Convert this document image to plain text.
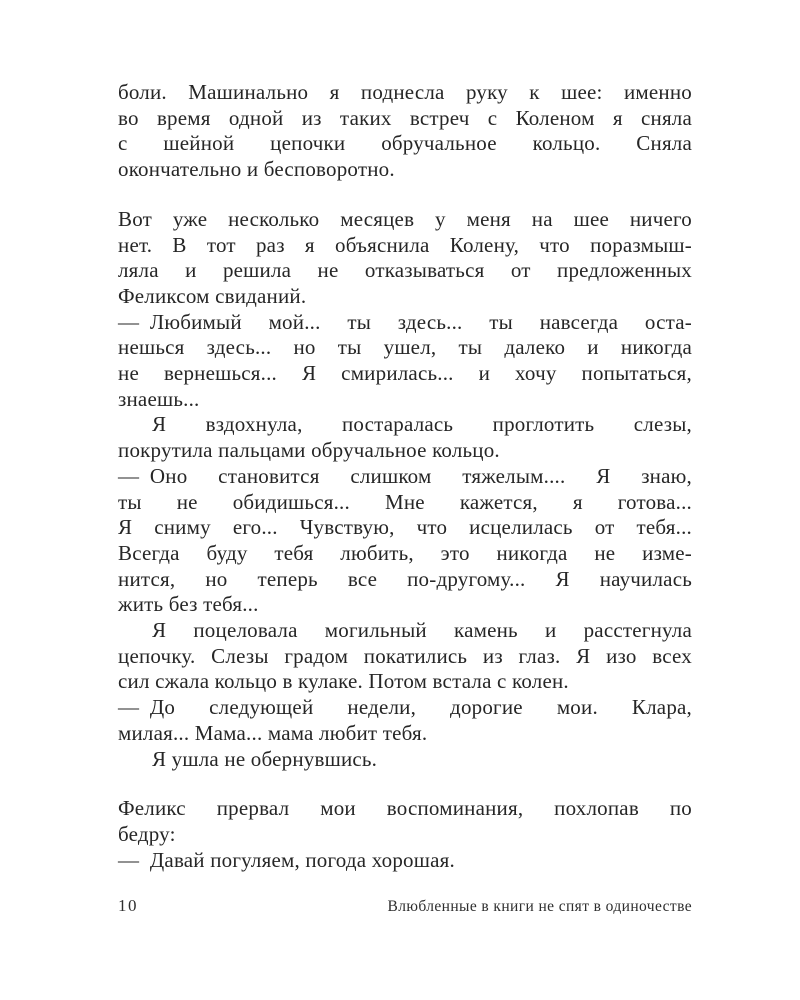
боли. Машинально я поднесла руку к шее: именно
во время одной из таких встреч с Коленом я сняла
с шейной цепочки обручальное кольцо. Сняла
окончательно и бесповоротно.
Вот уже несколько месяцев у меня на шее ничего
нет. В тот раз я объяснила Колену, что поразмыш-
ляла и решила не отказываться от предложенных
Феликсом свиданий.
— Любимый мой... ты здесь... ты навсегда оста-
нешься здесь... но ты ушел, ты далеко и никогда
не вернешься... Я смирилась... и хочу попытаться,
знаешь...
Я вздохнула, постаралась проглотить слезы,
покрутила пальцами обручальное кольцо.
— Оно становится слишком тяжелым.... Я знаю,
ты не обидишься... Мне кажется, я готова...
Я сниму его... Чувствую, что исцелилась от тебя...
Всегда буду тебя любить, это никогда не изме-
нится, но теперь все по-другому... Я научилась
жить без тебя...
Я поцеловала могильный камень и расстегнула
цепочку. Слезы градом покатились из глаз. Я изо всех
сил сжала кольцо в кулаке. Потом встала с колен.
— До следующей недели, дорогие мои. Клара,
милая... Мама... мама любит тебя.
Я ушла не обернувшись.
Феликс прервал мои воспоминания, похлопав по
бедру:
— Давай погуляем, погода хорошая.
10	Влюбленные в книги не спят в одиночестве
